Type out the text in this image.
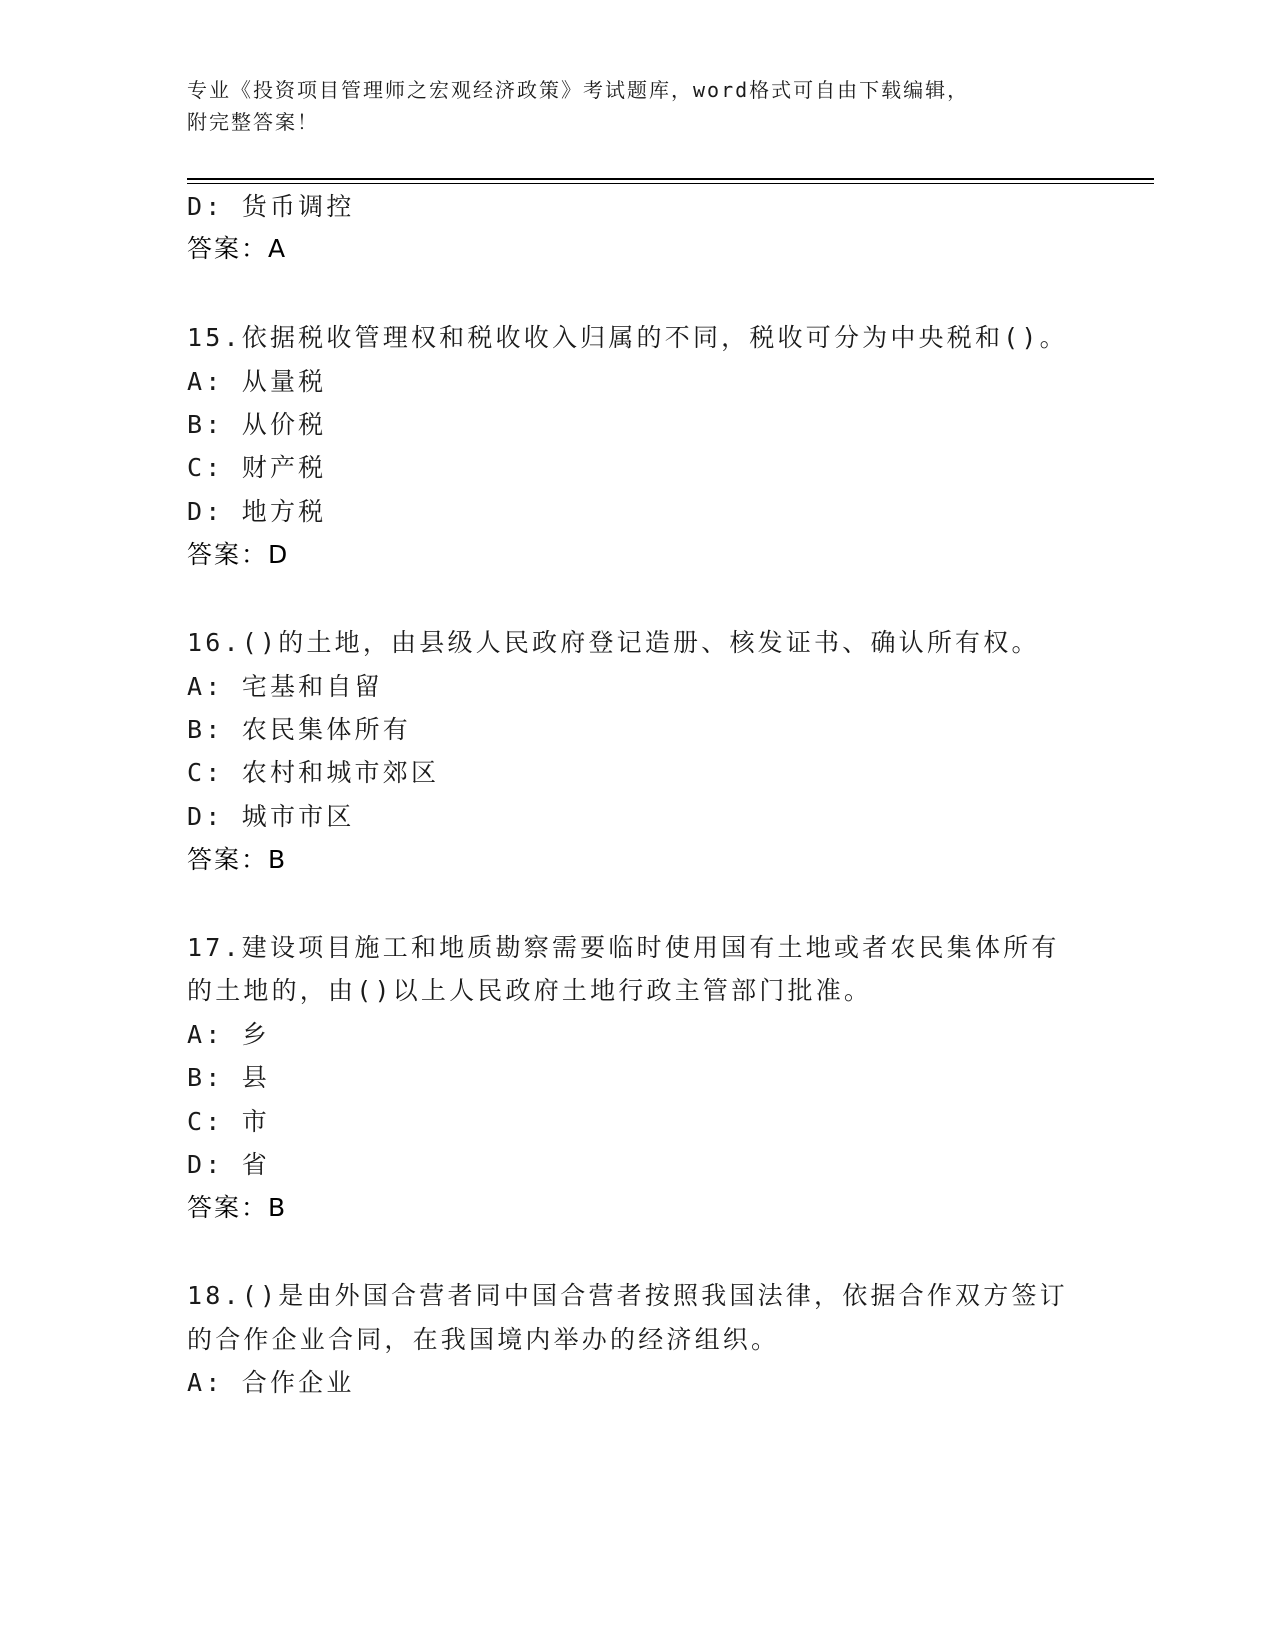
专业《投资项目管理师之宏观经济政策》考试题库，word格式可自由下载编辑，
附完整答案！
D: 货币调控
答案：A
15.依据税收管理权和税收收入归属的不同，税收可分为中央税和()。
A: 从量税
B: 从价税
C: 财产税
D: 地方税
答案：D
16.()的土地，由县级人民政府登记造册、核发证书、确认所有权。
A: 宅基和自留
B: 农民集体所有
C: 农村和城市郊区
D: 城市市区
答案：B
17.建设项目施工和地质勘察需要临时使用国有土地或者农民集体所有
的土地的，由()以上人民政府土地行政主管部门批准。
A: 乡
B: 县
C: 市
D: 省
答案：B
18.()是由外国合营者同中国合营者按照我国法律，依据合作双方签订
的合作企业合同，在我国境内举办的经济组织。
A: 合作企业
